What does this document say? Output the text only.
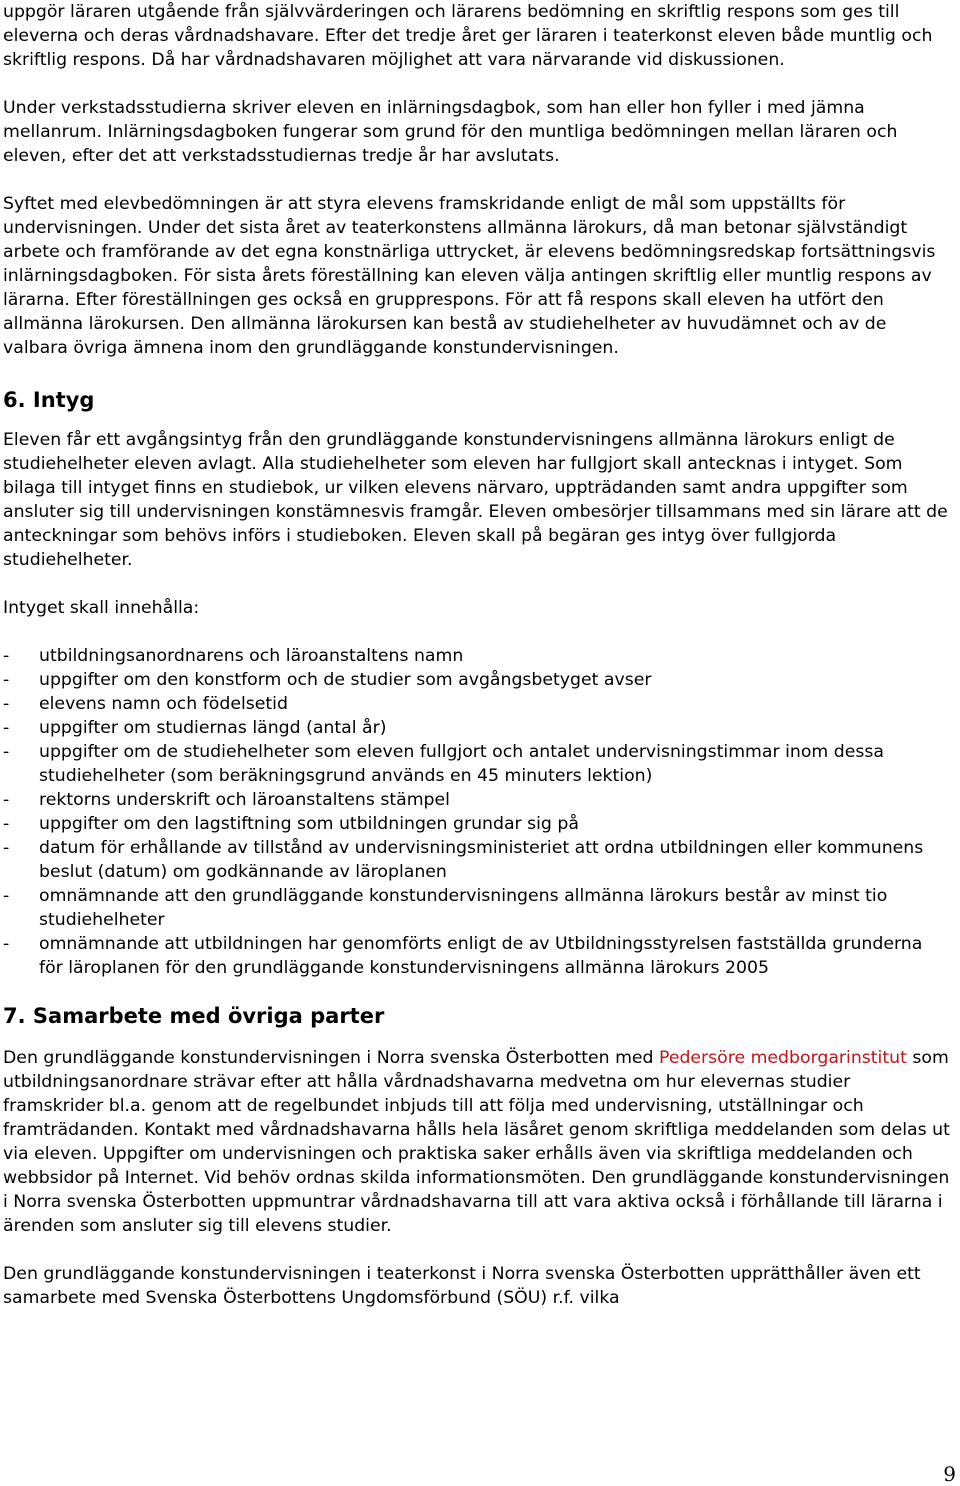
uppgör läraren utgående från självvärderingen och lärarens bedömning en skriftlig respons som ges till eleverna och deras vårdnadshavare. Efter det tredje året ger läraren i teaterkonst eleven både muntlig och skriftlig respons. Då har vårdnadshavaren möjlighet att vara närvarande vid diskussionen.

Under verkstadsstudierna skriver eleven en inlärningsdagbok, som han eller hon fyller i med jämna mellanrum. Inlärningsdagboken fungerar som grund för den muntliga bedömningen mellan läraren och eleven, efter det att verkstadsstudiernas tredje år har avslutats.

Syftet med elevbedömningen är att styra elevens framskridande enligt de mål som uppställts för undervisningen. Under det sista året av teaterkonstens allmänna lärokurs, då man betonar självständigt arbete och framförande av det egna konstnärliga uttrycket, är elevens bedömningsredskap fortsättningsvis inlärningsdagboken. För sista årets föreställning kan eleven välja antingen skriftlig eller muntlig respons av lärarna. Efter föreställningen ges också en grupprespons. För att få respons skall eleven ha utfört den allmänna lärokursen. Den allmänna lärokursen kan bestå av studiehelheter av huvudämnet och av de valbara övriga ämnena inom den grundläggande konstundervisningen.

6. Intyg

Eleven får ett avgångsintyg från den grundläggande konstundervisningens allmänna lärokurs enligt de studiehelheter eleven avlagt. Alla studiehelheter som eleven har fullgjort skall antecknas i intyget. Som bilaga till intyget finns en studiebok, ur vilken elevens närvaro, uppträdanden samt andra uppgifter som ansluter sig till undervisningen konstämnesvis framgår. Eleven ombesörjer tillsammans med sin lärare att de anteckningar som behövs införs i studieboken. Eleven skall på begäran ges intyg över fullgjorda studiehelheter.

Intyget skall innehålla:

- utbildningsanordnarens och läroanstaltens namn
- uppgifter om den konstform och de studier som avgångsbetyget avser
- elevens namn och födelsetid
- uppgifter om studiernas längd (antal år)
- uppgifter om de studiehelheter som eleven fullgjort och antalet undervisningstimmar inom dessa studiehelheter (som beräkningsgrund används en 45 minuters lektion)
- rektorns underskrift och läroanstaltens stämpel
- uppgifter om den lagstiftning som utbildningen grundar sig på
- datum för erhållande av tillstånd av undervisningsministeriet att ordna utbildningen eller kommunens beslut (datum) om godkännande av läroplanen
- omnämnande att den grundläggande konstundervisningens allmänna lärokurs består av minst tio studiehelheter
- omnämnande att utbildningen har genomförts enligt de av Utbildningsstyrelsen fastställda grunderna för läroplanen för den grundläggande konstundervisningens allmänna lärokurs 2005
7. Samarbete med övriga parter

Den grundläggande konstundervisningen i Norra svenska Österbotten med Pedersöre medborgarinstitut som utbildningsanordnare strävar efter att hålla vårdnadshavarna medvetna om hur elevernas studier framskrider bl.a. genom att de regelbundet inbjuds till att följa med undervisning, utställningar och framträdanden. Kontakt med vårdnadshavarna hålls hela läsåret genom skriftliga meddelanden som delas ut via eleven. Uppgifter om undervisningen och praktiska saker erhålls även via skriftliga meddelanden och webbsidor på Internet. Vid behöv ordnas skilda informationsmöten. Den grundläggande konstundervisningen i Norra svenska Österbotten uppmuntrar vårdnadshavarna till att vara aktiva också i förhållande till lärarna i ärenden som ansluter sig till elevens studier.

Den grundläggande konstundervisningen i teaterkonst i Norra svenska Österbotten upprätthåller även ett samarbete med Svenska Österbottens Ungdomsförbund (SÖU) r.f. vilka

9
